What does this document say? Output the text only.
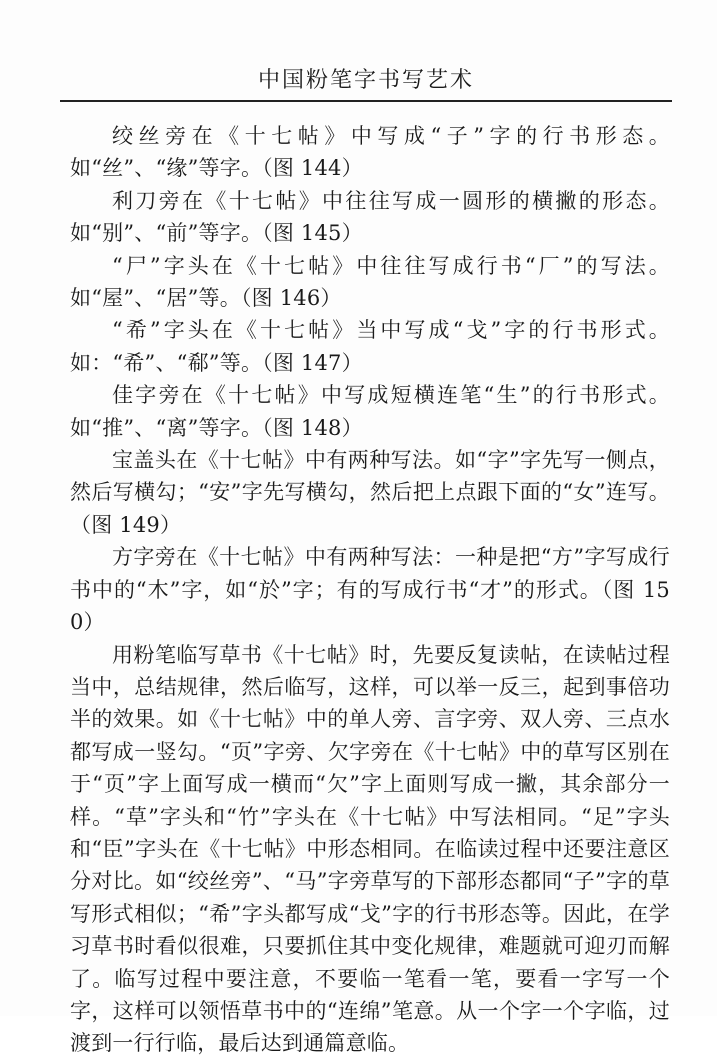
中国粉笔字书写艺术

绞丝旁在《十七帖》中写成“子”字的行书形态。如“丝”、“缘”等字。（图 144）

利刀旁在《十七帖》中往往写成一圆形的横撇的形态。如“别”、“前”等字。（图 145）

“尸”字头在《十七帖》中往往写成行书“厂”的写法。如“屋”、“居”等。（图 146）

“希”字头在《十七帖》当中写成“戈”字的行书形式。如：“希”、“郗”等。（图 147）

佳字旁在《十七帖》中写成短横连笔“生”的行书形式。如“推”、“离”等字。（图 148）

宝盖头在《十七帖》中有两种写法。如“字”字先写一侧点，然后写横勾；“安”字先写横勾，然后把上点跟下面的“女”连写。（图 149）

方字旁在《十七帖》中有两种写法：一种是把“方”字写成行书中的“木”字，如“於”字；有的写成行书“才”的形式。（图 150）

用粉笔临写草书《十七帖》时，先要反复读帖，在读帖过程当中，总结规律，然后临写，这样，可以举一反三，起到事倍功半的效果。如《十七帖》中的单人旁、言字旁、双人旁、三点水都写成一竖勾。“页”字旁、欠字旁在《十七帖》中的草写区别在于“页”字上面写成一横而“欠”字上面则写成一撇，其余部分一样。“草”字头和“竹”字头在《十七帖》中写法相同。“足”字头和“臣”字头在《十七帖》中形态相同。在临读过程中还要注意区分对比。如“绞丝旁”、“马”字旁草写的下部形态都同“子”字的草写形式相似；“希”字头都写成“戈”字的行书形态等。因此，在学习草书时看似很难，只要抓住其中变化规律，难题就可迎刃而解了。临写过程中要注意，不要临一笔看一笔，要看一字写一个字，这样可以领悟草书中的“连绵”笔意。从一个字一个字临，过渡到一行行临，最后达到通篇意临。
